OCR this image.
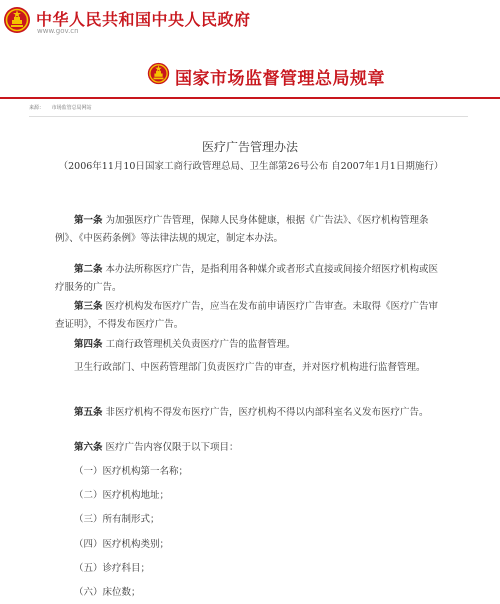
中华人民共和国中央人民政府
www.gov.cn
国家市场监督管理总局规章
来源： 市场监管总局网站
医疗广告管理办法
（2006年11月10日国家工商行政管理总局、卫生部第26号公布 自2007年1月1日期施行）

第一条 为加强医疗广告管理，保障人民身体健康，根据《广告法》、《医疗机构管理条例》、《中医药条例》等法律法规的规定，制定本办法。

第二条 本办法所称医疗广告，是指利用各种媒介或者形式直接或间接介绍医疗机构或医疗服务的广告。

第三条 医疗机构发布医疗广告，应当在发布前申请医疗广告审查。未取得《医疗广告审查证明》，不得发布医疗广告。

第四条 工商行政管理机关负责医疗广告的监督管理。

卫生行政部门、中医药管理部门负责医疗广告的审查，并对医疗机构进行监督管理。

第五条 非医疗机构不得发布医疗广告，医疗机构不得以内部科室名义发布医疗广告。

第六条 医疗广告内容仅限于以下项目：

（一）医疗机构第一名称；

（二）医疗机构地址；

（三）所有制形式；

（四）医疗机构类别；

（五）诊疗科目；

（六）床位数；
